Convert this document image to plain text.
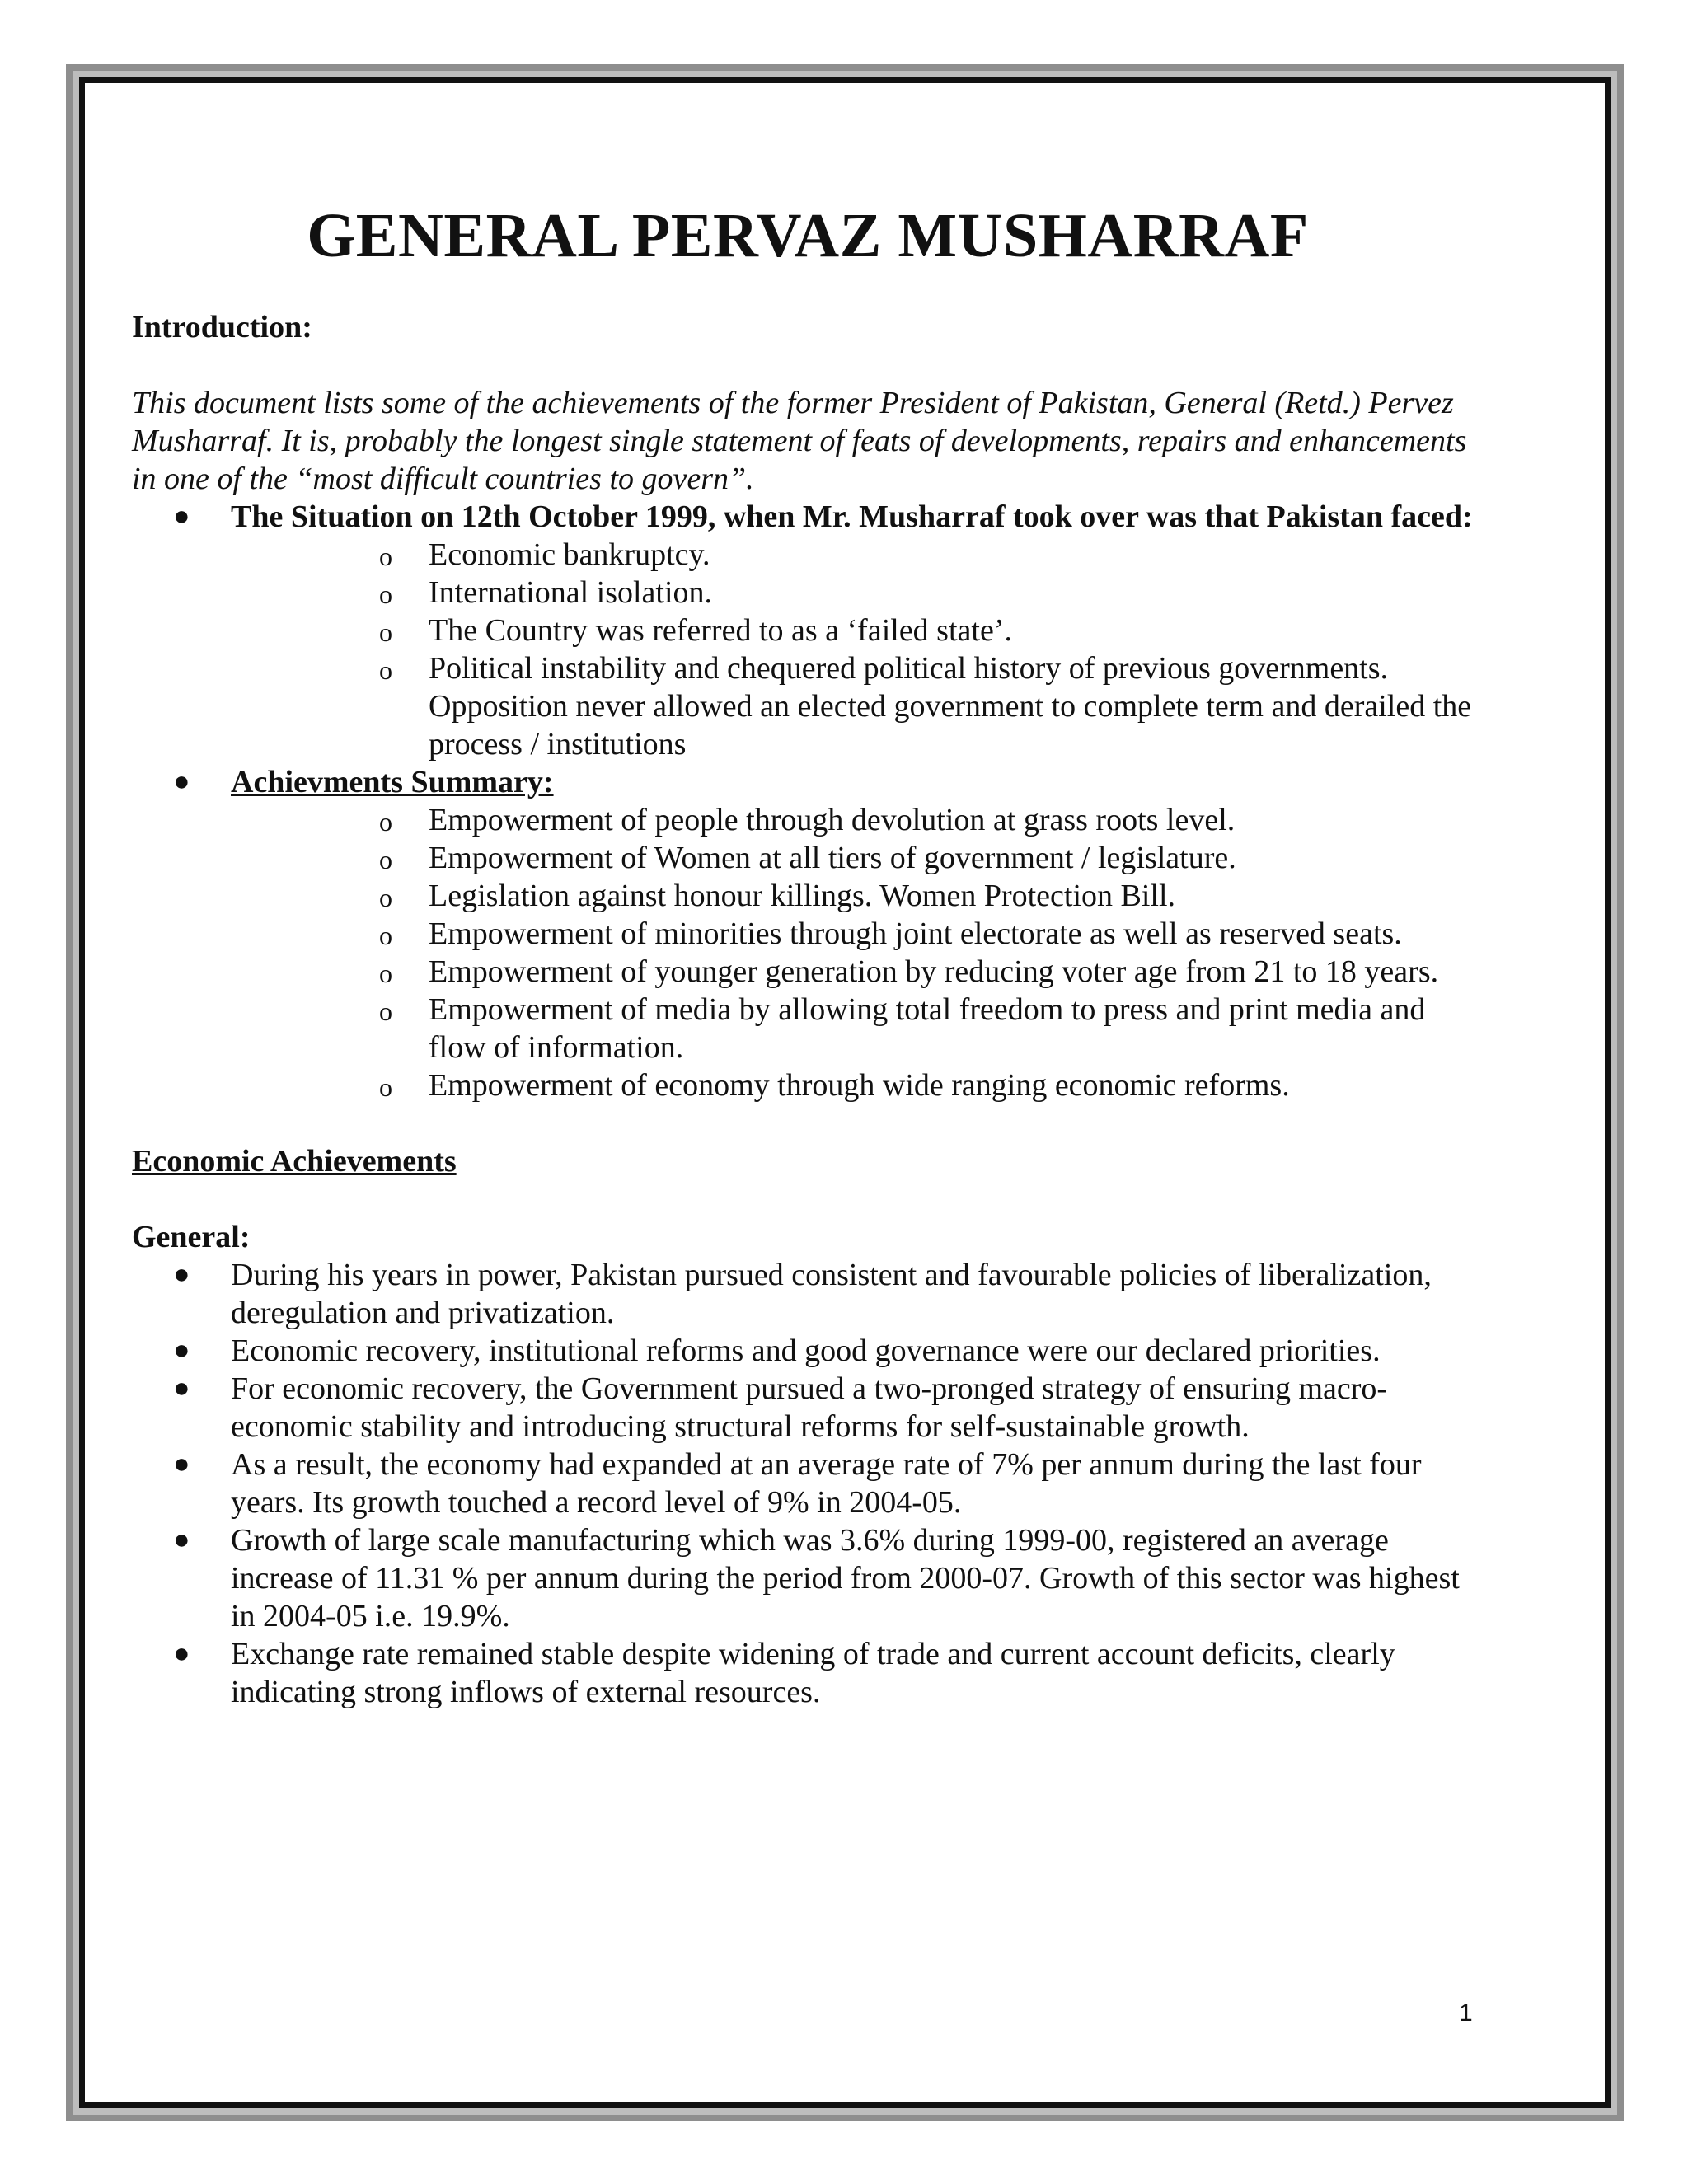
GENERAL PERVAZ MUSHARRAF

Introduction:

This document lists some of the achievements of the former President of Pakistan, General (Retd.) Pervez Musharraf. It is, probably the longest single statement of feats of developments, repairs and enhancements in one of the “most difficult countries to govern”.

● The Situation on 12th October 1999, when Mr. Musharraf took over was that Pakistan faced:
o Economic bankruptcy.
o International isolation.
o The Country was referred to as a ‘failed state’.
o Political instability and chequered political history of previous governments. Opposition never allowed an elected government to complete term and derailed the process / institutions
● Achievments Summary:
o Empowerment of people through devolution at grass roots level.
o Empowerment of Women at all tiers of government / legislature.
o Legislation against honour killings. Women Protection Bill.
o Empowerment of minorities through joint electorate as well as reserved seats.
o Empowerment of younger generation by reducing voter age from 21 to 18 years.
o Empowerment of media by allowing total freedom to press and print media and flow of information.
o Empowerment of economy through wide ranging economic reforms.

Economic Achievements

General:

● During his years in power, Pakistan pursued consistent and favourable policies of liberalization, deregulation and privatization.
● Economic recovery, institutional reforms and good governance were our declared priorities.
● For economic recovery, the Government pursued a two-pronged strategy of ensuring macro-economic stability and introducing structural reforms for self-sustainable growth.
● As a result, the economy had expanded at an average rate of 7% per annum during the last four years. Its growth touched a record level of 9% in 2004-05.
● Growth of large scale manufacturing which was 3.6% during 1999-00, registered an average increase of 11.31 % per annum during the period from 2000-07. Growth of this sector was highest in 2004-05 i.e. 19.9%.
● Exchange rate remained stable despite widening of trade and current account deficits, clearly indicating strong inflows of external resources.
1
